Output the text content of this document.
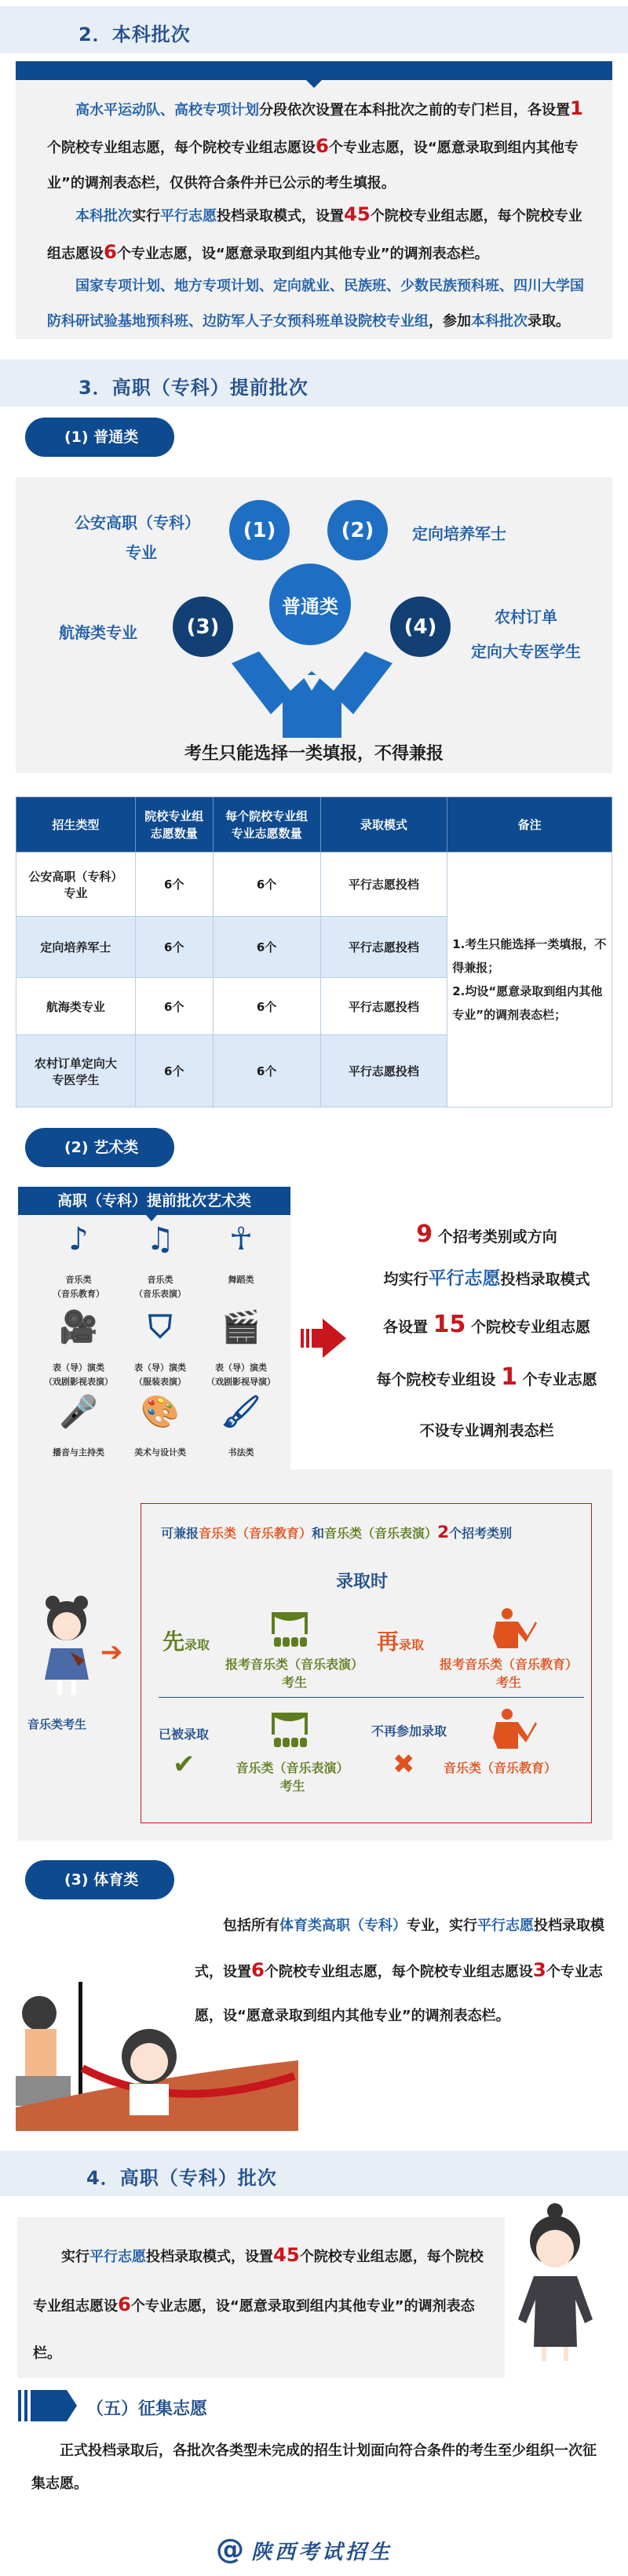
2．本科批次

高水平运动队、高校专项计划分段依次设置在本科批次之前的专门栏目，各设置1个院校专业组志愿，每个院校专业组志愿设6个专业志愿，设“愿意录取到组内其他专业”的调剂表态栏，仅供符合条件并已公示的考生填报。

本科批次实行平行志愿投档录取模式，设置45个院校专业组志愿，每个院校专业组志愿设6个专业志愿，设“愿意录取到组内其他专业”的调剂表态栏。

国家专项计划、地方专项计划、定向就业、民族班、少数民族预科班、四川大学国防科研试验基地预科班、边防军人子女预科班单设院校专业组，参加本科批次录取。

3．高职（专科）提前批次
(1) 普通类
(1)	(2)
(3)	(4)
普通类
公安高职（专科）
专业
定向培养军士
航海类专业
农村订单
定向大专医学生
考生只能选择一类填报，不得兼报
招生类型	院校专业组志愿数量	每个院校专业组专业志愿数量	录取模式	备注
公安高职（专科）专业	6个	6个	平行志愿投档	1.考生只能选择一类填报，不得兼报；
2.均设“愿意录取到组内其他专业”的调剂表态栏；

定向培养军士	6个	6个	平行志愿投档	
航海类专业	6个	6个	平行志愿投档	
农村订单定向大专医学生	6个	6个	平行志愿投档	
(2) 艺术类
高职（专科）提前批次艺术类
♪
音乐类
（音乐教育）
♫
音乐类
（音乐表演）
☥
舞蹈类
🎥
表（导）演类
（戏剧影视表演）
⛉
表（导）演类
（服装表演）
🎬
表（导）演类
（戏剧影视导演）
🎤
播音与主持类
🎨
美术与设计类
🖌
书法类
9 个招考类别或方向
均实行平行志愿投档录取模式
各设置 15 个院校专业组志愿
每个院校专业组设 1 个专业志愿
不设专业调剂表态栏
音乐类考生
➔
可兼报音乐类（音乐教育）和音乐类（音乐表演）2个招考类别
录取时
先录取	再录取
报考音乐类（音乐表演）
考生
报考音乐类（音乐教育）
考生
已被录取	不再参加录取
✔	✖
音乐类（音乐表演）
考生
音乐类（音乐教育）
(3) 体育类

包括所有体育类高职（专科）专业，实行平行志愿投档录取模式，设置6个院校专业组志愿，每个院校专业组志愿设3个专业志愿，设“愿意录取到组内其他专业”的调剂表态栏。

4．高职（专科）批次

实行平行志愿投档录取模式，设置45个院校专业组志愿，每个院校专业组志愿设6个专业志愿，设“愿意录取到组内其他专业”的调剂表态栏。

（五）征集志愿

正式投档录取后，各批次各类型未完成的招生计划面向符合条件的考生至少组织一次征集志愿。

@ 陕西考试招生
